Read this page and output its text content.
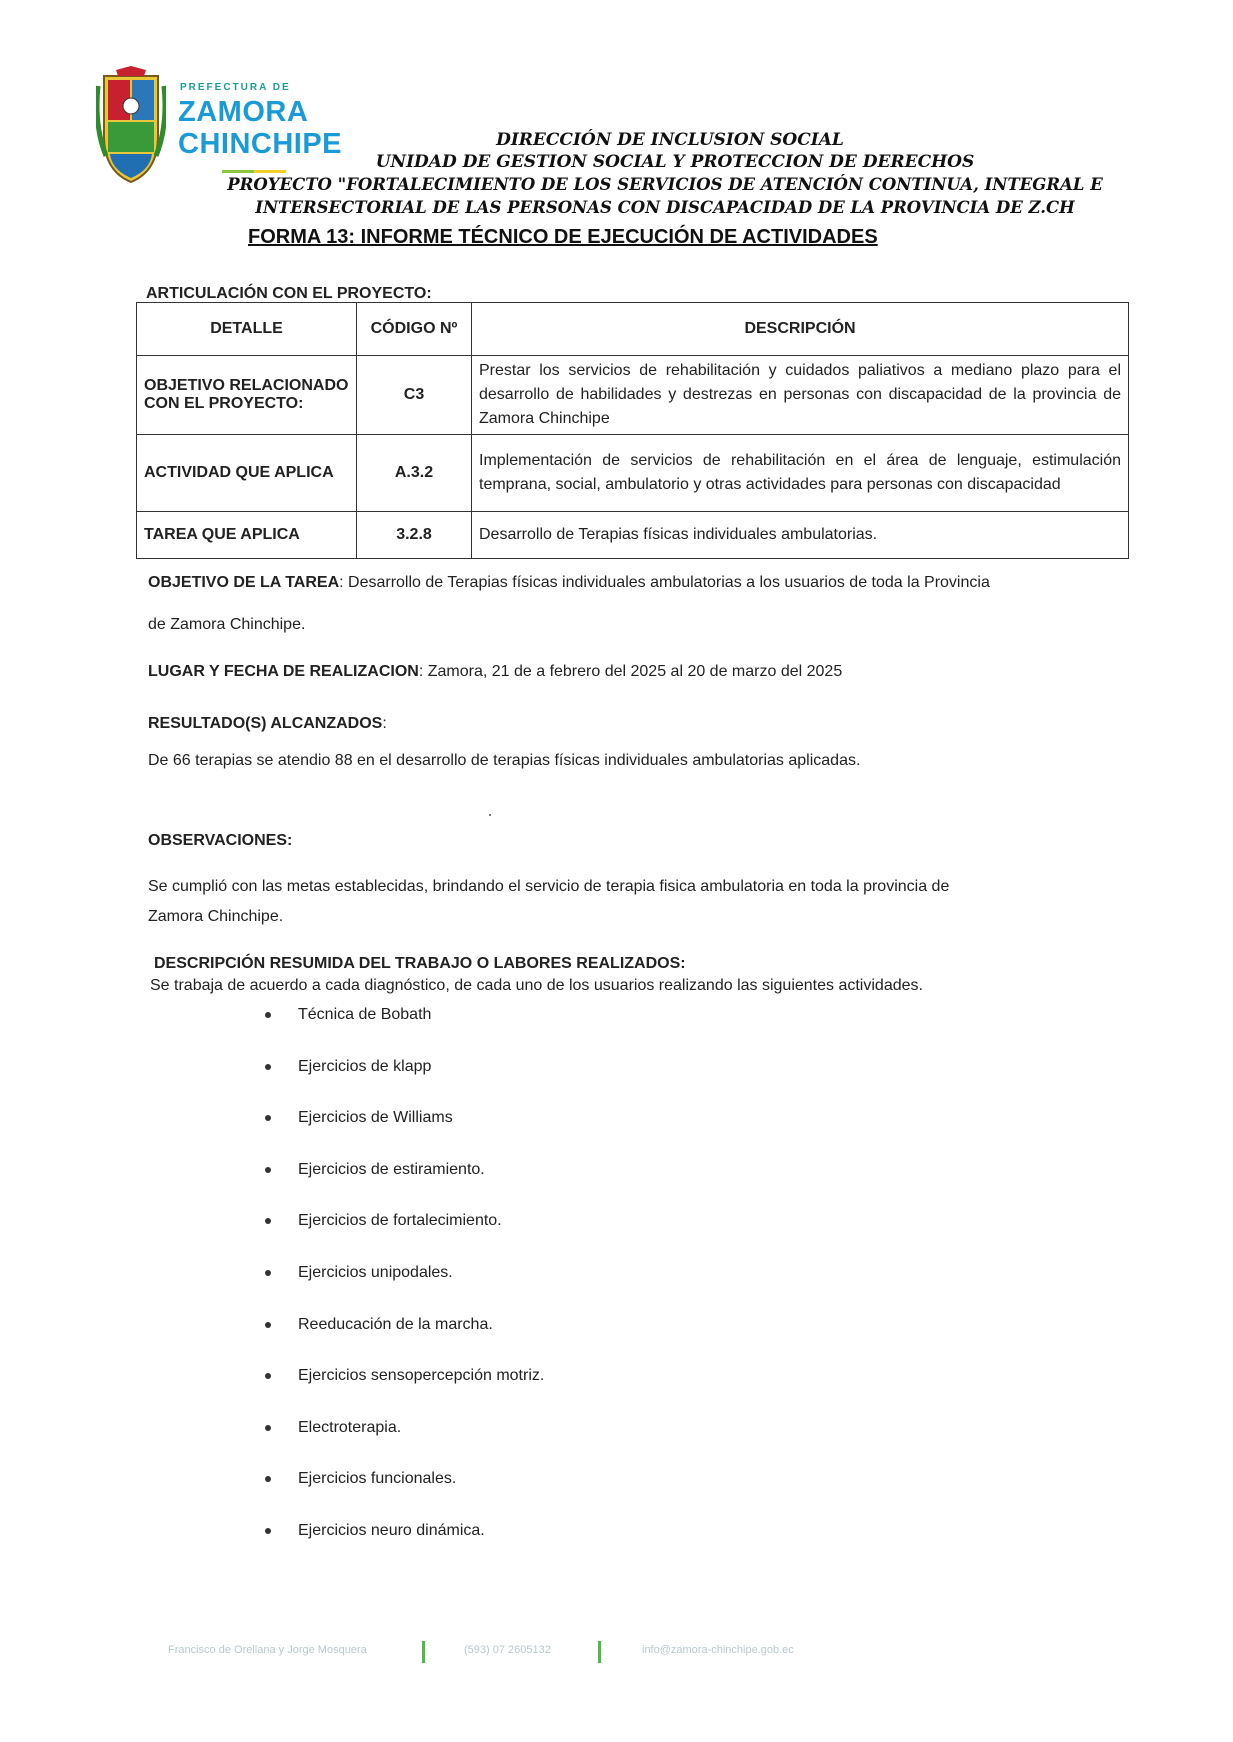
PREFECTURA DE
ZAMORA
CHINCHIPE	DIRECCIÓN DE INCLUSION SOCIAL
UNIDAD DE GESTION SOCIAL Y PROTECCION DE DERECHOS
PROYECTO "FORTALECIMIENTO DE LOS SERVICIOS DE ATENCIÓN CONTINUA, INTEGRAL E
INTERSECTORIAL DE LAS PERSONAS CON DISCAPACIDAD DE LA PROVINCIA DE Z.CH
FORMA 13: INFORME TÉCNICO DE EJECUCIÓN DE ACTIVIDADES
ARTICULACIÓN CON EL PROYECTO:
DETALLE	CÓDIGO Nº	DESCRIPCIÓN
OBJETIVO RELACIONADO CON EL PROYECTO:	C3	Prestar los servicios de rehabilitación y cuidados paliativos a mediano plazo para el desarrollo de habilidades y destrezas en personas con discapacidad de la provincia de Zamora Chinchipe
ACTIVIDAD QUE APLICA	A.3.2	Implementación de servicios de rehabilitación en el área de lenguaje, estimulación temprana, social, ambulatorio y otras actividades para personas con discapacidad
TAREA QUE APLICA	3.2.8	Desarrollo de Terapias físicas individuales ambulatorias.
OBJETIVO DE LA TAREA: Desarrollo de Terapias físicas individuales ambulatorias a los usuarios de toda la Provincia
de Zamora Chinchipe.
LUGAR Y FECHA DE REALIZACION: Zamora, 21 de a febrero del 2025 al 20 de marzo del 2025
RESULTADO(S) ALCANZADOS:
De 66 terapias se atendio 88 en el desarrollo de terapias físicas individuales ambulatorias aplicadas.
OBSERVACIONES:
Se cumplió con las metas establecidas, brindando el servicio de terapia fisica ambulatoria en toda la provincia de
Zamora Chinchipe.
DESCRIPCIÓN RESUMIDA DEL TRABAJO O LABORES REALIZADOS:
Se trabaja de acuerdo a cada diagnóstico, de cada uno de los usuarios realizando las siguientes actividades.
Técnica de Bobath
Ejercicios de klapp
Ejercicios de Williams
Ejercicios de estiramiento.
Ejercicios de fortalecimiento.
Ejercicios unipodales.
Reeducación de la marcha.
Ejercicios sensopercepción motriz.
Electroterapia.
Ejercicios funcionales.
Ejercicios neuro dinámica.
Francisco de Orellana y Jorge Mosquera	(593) 07 2605132	info@zamora-chinchipe.gob.ec
